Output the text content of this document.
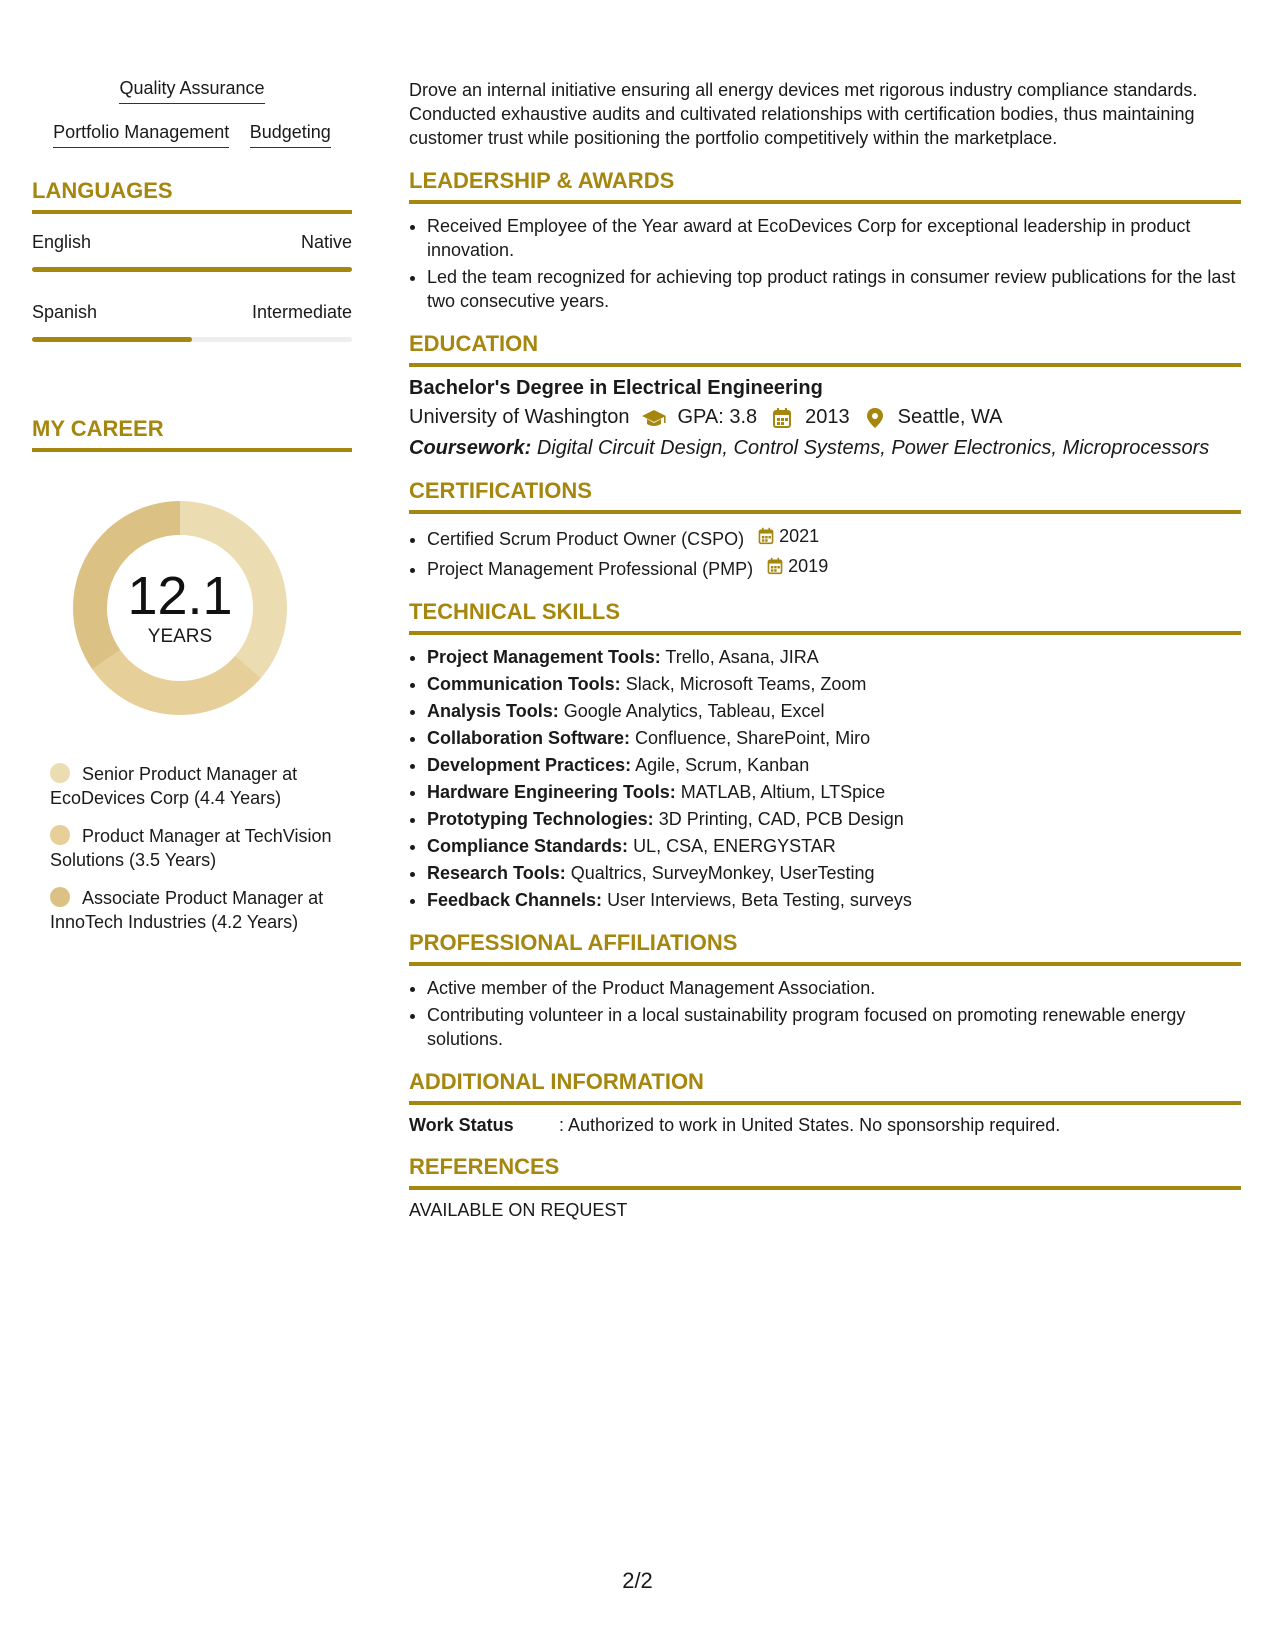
Quality Assurance
Portfolio Management Budgeting
LANGUAGES
English	Native
Spanish	Intermediate
MY CAREER
12.1
YEARS
Senior Product Manager at EcoDevices Corp (4.4 Years)
Product Manager at TechVision Solutions (3.5 Years)
Associate Product Manager at InnoTech Industries (4.2 Years)

Drove an internal initiative ensuring all energy devices met rigorous industry compliance standards. Conducted exhaustive audits and cultivated relationships with certification bodies, thus maintaining customer trust while positioning the portfolio competitively within the marketplace.

LEADERSHIP & AWARDS
• Received Employee of the Year award at EcoDevices Corp for exceptional leadership in product innovation.
• Led the team recognized for achieving top product ratings in consumer review publications for the last two consecutive years.
EDUCATION
Bachelor's Degree in Electrical Engineering
University of Washington GPA: 3.8 2013 Seattle, WA
Coursework: Digital Circuit Design, Control Systems, Power Electronics, Microprocessors
CERTIFICATIONS
• Certified Scrum Product Owner (CSPO) 2021
• Project Management Professional (PMP) 2019
TECHNICAL SKILLS
• Project Management Tools: Trello, Asana, JIRA
• Communication Tools: Slack, Microsoft Teams, Zoom
• Analysis Tools: Google Analytics, Tableau, Excel
• Collaboration Software: Confluence, SharePoint, Miro
• Development Practices: Agile, Scrum, Kanban
• Hardware Engineering Tools: MATLAB, Altium, LTSpice
• Prototyping Technologies: 3D Printing, CAD, PCB Design
• Compliance Standards: UL, CSA, ENERGYSTAR
• Research Tools: Qualtrics, SurveyMonkey, UserTesting
• Feedback Channels: User Interviews, Beta Testing, surveys
PROFESSIONAL AFFILIATIONS
• Active member of the Product Management Association.
• Contributing volunteer in a local sustainability program focused on promoting renewable energy solutions.
ADDITIONAL INFORMATION
Work Status	: Authorized to work in United States. No sponsorship required.
REFERENCES
AVAILABLE ON REQUEST
2/2
